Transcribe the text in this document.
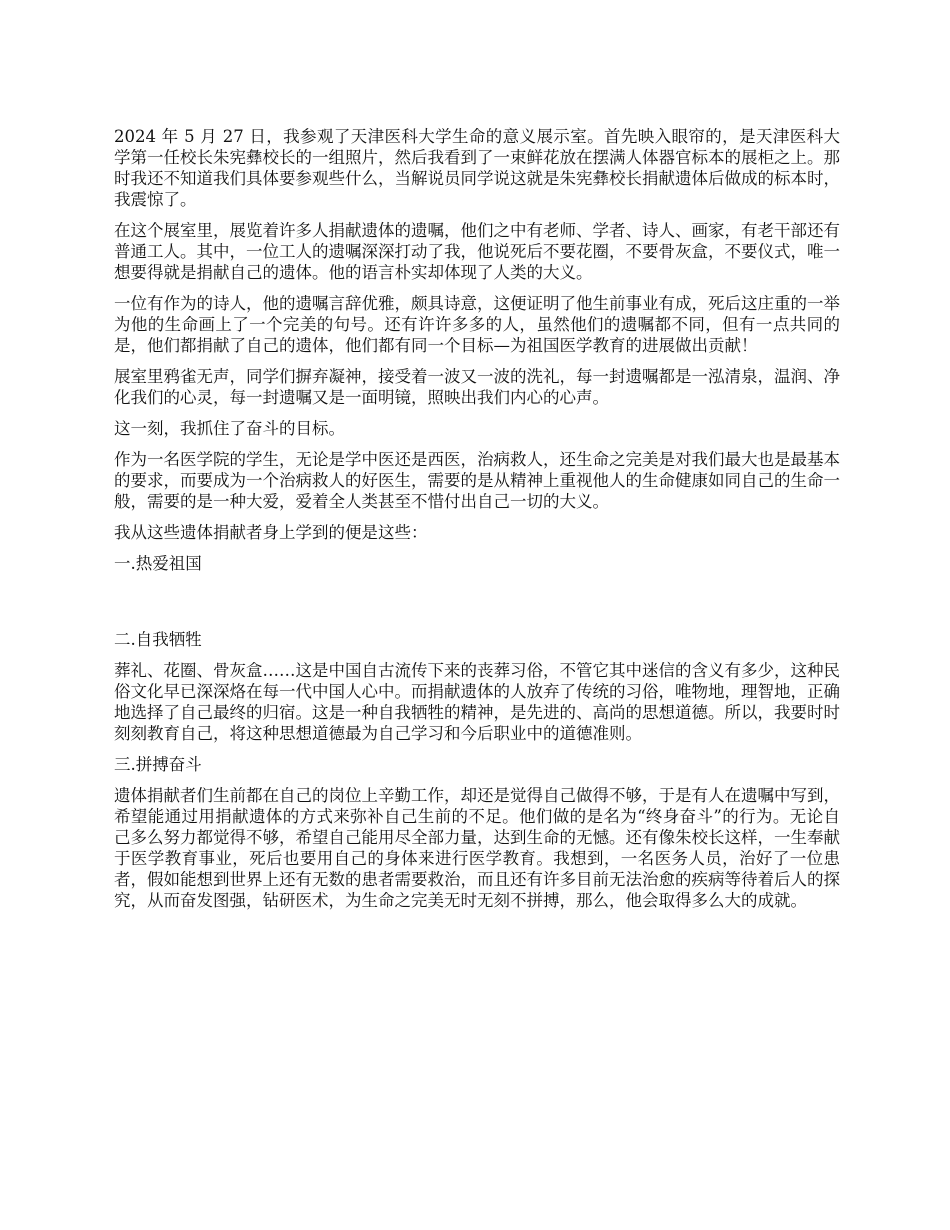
2024 年 5 月 27 日，我参观了天津医科大学生命的意义展示室。首先映入眼帘的，是天津医科大学第一任校长朱宪彝校长的一组照片，然后我看到了一束鲜花放在摆满人体器官标本的展柜之上。那时我还不知道我们具体要参观些什么，当解说员同学说这就是朱宪彝校长捐献遗体后做成的标本时，我震惊了。

在这个展室里，展览着许多人捐献遗体的遗嘱，他们之中有老师、学者、诗人、画家，有老干部还有普通工人。其中，一位工人的遗嘱深深打动了我，他说死后不要花圈，不要骨灰盒，不要仪式，唯一想要得就是捐献自己的遗体。他的语言朴实却体现了人类的大义。

一位有作为的诗人，他的遗嘱言辞优雅，颇具诗意，这便证明了他生前事业有成，死后这庄重的一举为他的生命画上了一个完美的句号。还有许许多多的人，虽然他们的遗嘱都不同，但有一点共同的是，他们都捐献了自己的遗体，他们都有同一个目标—为祖国医学教育的进展做出贡献！

展室里鸦雀无声，同学们摒弃凝神，接受着一波又一波的洗礼，每一封遗嘱都是一泓清泉，温润、净化我们的心灵，每一封遗嘱又是一面明镜，照映出我们内心的心声。

这一刻，我抓住了奋斗的目标。

作为一名医学院的学生，无论是学中医还是西医，治病救人，还生命之完美是对我们最大也是最基本的要求，而要成为一个治病救人的好医生，需要的是从精神上重视他人的生命健康如同自己的生命一般，需要的是一种大爱，爱着全人类甚至不惜付出自己一切的大义。

我从这些遗体捐献者身上学到的便是这些：

一.热爱祖国

二.自我牺牲

葬礼、花圈、骨灰盒……这是中国自古流传下来的丧葬习俗，不管它其中迷信的含义有多少，这种民俗文化早已深深烙在每一代中国人心中。而捐献遗体的人放弃了传统的习俗，唯物地，理智地，正确地选择了自己最终的归宿。这是一种自我牺牲的精神，是先进的、高尚的思想道德。所以，我要时时刻刻教育自己，将这种思想道德最为自己学习和今后职业中的道德准则。

三.拼搏奋斗

遗体捐献者们生前都在自己的岗位上辛勤工作，却还是觉得自己做得不够，于是有人在遗嘱中写到，希望能通过用捐献遗体的方式来弥补自己生前的不足。他们做的是名为“终身奋斗”的行为。无论自己多么努力都觉得不够，希望自己能用尽全部力量，达到生命的无憾。还有像朱校长这样，一生奉献于医学教育事业，死后也要用自己的身体来进行医学教育。我想到，一名医务人员，治好了一位患者，假如能想到世界上还有无数的患者需要救治，而且还有许多目前无法治愈的疾病等待着后人的探究，从而奋发图强，钻研医术，为生命之完美无时无刻不拼搏，那么，他会取得多么大的成就。
